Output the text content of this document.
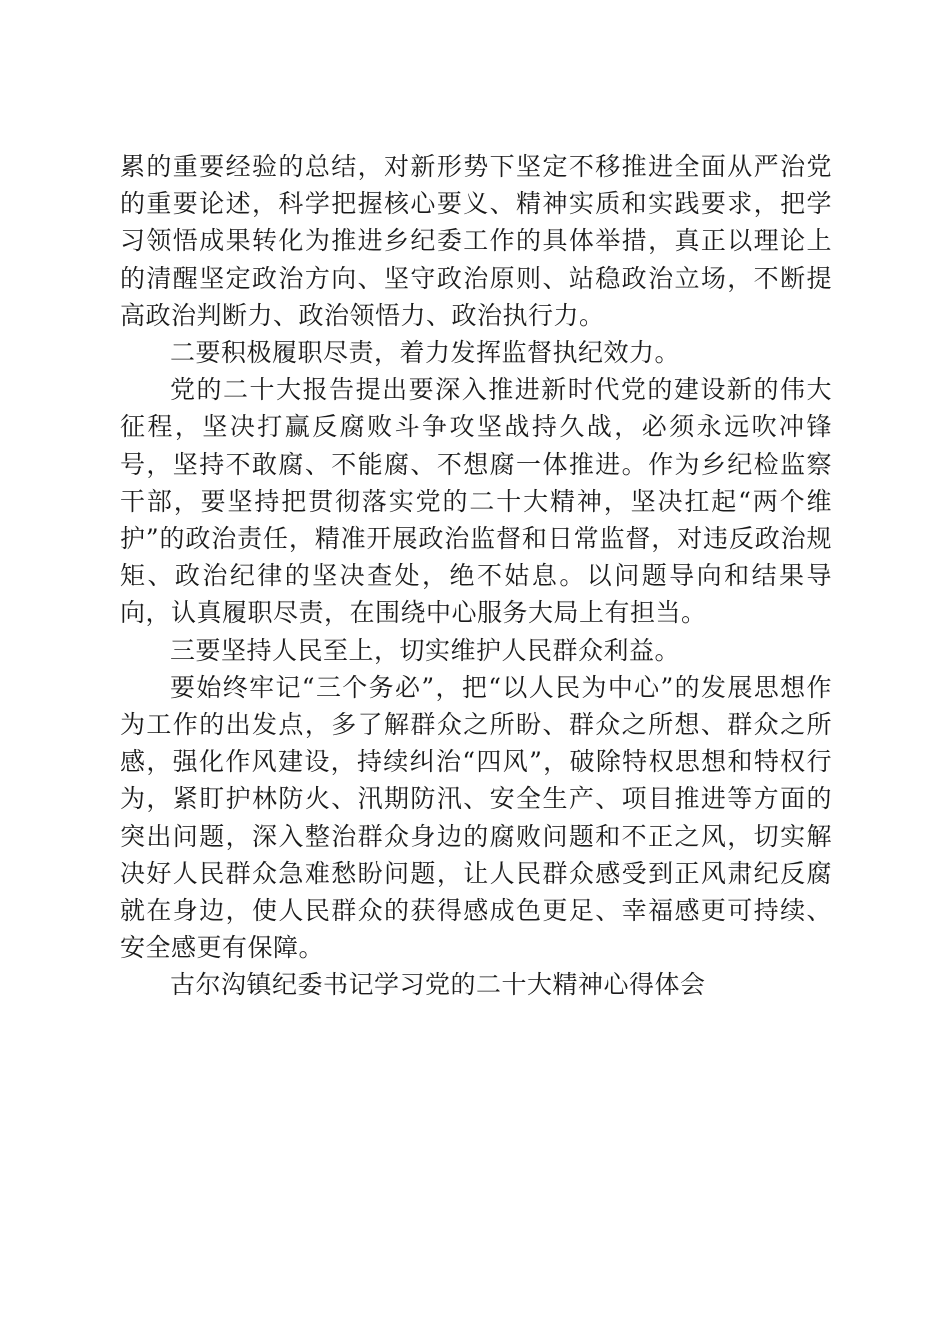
累的重要经验的总结，对新形势下坚定不移推进全面从严治党的重要论述，科学把握核心要义、精神实质和实践要求，把学习领悟成果转化为推进乡纪委工作的具体举措，真正以理论上的清醒坚定政治方向、坚守政治原则、站稳政治立场，不断提高政治判断力、政治领悟力、政治执行力。

二要积极履职尽责，着力发挥监督执纪效力。

党的二十大报告提出要深入推进新时代党的建设新的伟大征程，坚决打赢反腐败斗争攻坚战持久战，必须永远吹冲锋号，坚持不敢腐、不能腐、不想腐一体推进。作为乡纪检监察干部，要坚持把贯彻落实党的二十大精神，坚决扛起“两个维护”的政治责任，精准开展政治监督和日常监督，对违反政治规矩、政治纪律的坚决查处，绝不姑息。以问题导向和结果导向，认真履职尽责，在围绕中心服务大局上有担当。

三要坚持人民至上，切实维护人民群众利益。

要始终牢记“三个务必”，把“以人民为中心”的发展思想作为工作的出发点，多了解群众之所盼、群众之所想、群众之所感，强化作风建设，持续纠治“四风”，破除特权思想和特权行为，紧盯护林防火、汛期防汛、安全生产、项目推进等方面的突出问题，深入整治群众身边的腐败问题和不正之风，切实解决好人民群众急难愁盼问题，让人民群众感受到正风肃纪反腐就在身边，使人民群众的获得感成色更足、幸福感更可持续、安全感更有保障。

古尔沟镇纪委书记学习党的二十大精神心得体会
